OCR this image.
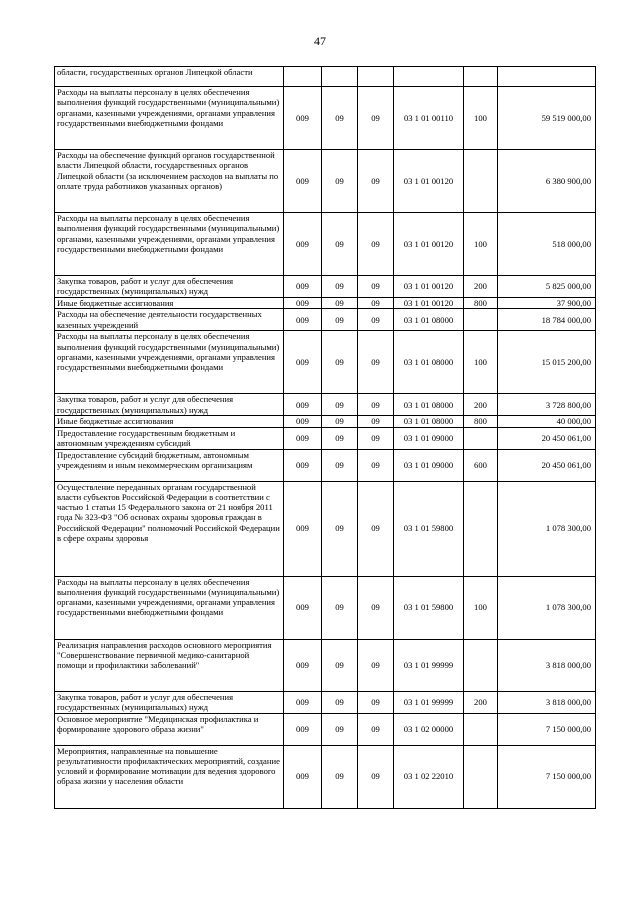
47
области, государственных органов Липецкой области						
Расходы на выплаты персоналу в целях обеспечения выполнения функций государственными (муниципальными) органами, казенными учреждениями, органами управления государственными внебюджетными фондами	009	09	09	03 1 01 00110	100	59 519 000,00
Расходы на обеспечение функций органов государственной власти Липецкой области, государственных органов Липецкой области (за исключением расходов на выплаты по оплате труда работников указанных органов)	009	09	09	03 1 01 00120		6 380 900,00
Расходы на выплаты персоналу в целях обеспечения выполнения функций государственными (муниципальными) органами, казенными учреждениями, органами управления государственными внебюджетными фондами	009	09	09	03 1 01 00120	100	518 000,00
Закупка товаров, работ и услуг для обеспечения государственных (муниципальных) нужд	009	09	09	03 1 01 00120	200	5 825 000,00
Иные бюджетные ассигнования	009	09	09	03 1 01 00120	800	37 900,00
Расходы на обеспечение деятельности государственных казенных учреждений	009	09	09	03 1 01 08000		18 784 000,00
Расходы на выплаты персоналу в целях обеспечения выполнения функций государственными (муниципальными) органами, казенными учреждениями, органами управления государственными внебюджетными фондами	009	09	09	03 1 01 08000	100	15 015 200,00
Закупка товаров, работ и услуг для обеспечения государственных (муниципальных) нужд	009	09	09	03 1 01 08000	200	3 728 800,00
Иные бюджетные ассигнования	009	09	09	03 1 01 08000	800	40 000,00
Предоставление государственным бюджетным и автономным учреждениям субсидий	009	09	09	03 1 01 09000		20 450 061,00
Предоставление субсидий бюджетным, автономным учреждениям и иным некоммерческим организациям	009	09	09	03 1 01 09000	600	20 450 061,00
Осуществление переданных органам государственной власти субъектов Российской Федерации в соответствии с частью 1 статьи 15 Федерального закона от 21 ноября 2011 года № 323-ФЗ "Об основах охраны здоровья граждан в Российской Федерации" полномочий Российской Федерации в сфере охраны здоровья	009	09	09	03 1 01 59800		1 078 300,00
Расходы на выплаты персоналу в целях обеспечения выполнения функций государственными (муниципальными) органами, казенными учреждениями, органами управления государственными внебюджетными фондами	009	09	09	03 1 01 59800	100	1 078 300,00
Реализация направления расходов основного мероприятия "Совершенствование первичной медико-санитарной помощи и профилактики заболеваний"	009	09	09	03 1 01 99999		3 818 000,00
Закупка товаров, работ и услуг для обеспечения государственных (муниципальных) нужд	009	09	09	03 1 01 99999	200	3 818 000,00
Основное мероприятие "Медицинская профилактика и формирование здорового образа жизни"	009	09	09	03 1 02 00000		7 150 000,00
Мероприятия, направленные на повышение результативности профилактических мероприятий, создание условий и формирование мотивации для ведения здорового образа жизни у населения области	009	09	09	03 1 02 22010		7 150 000,00
